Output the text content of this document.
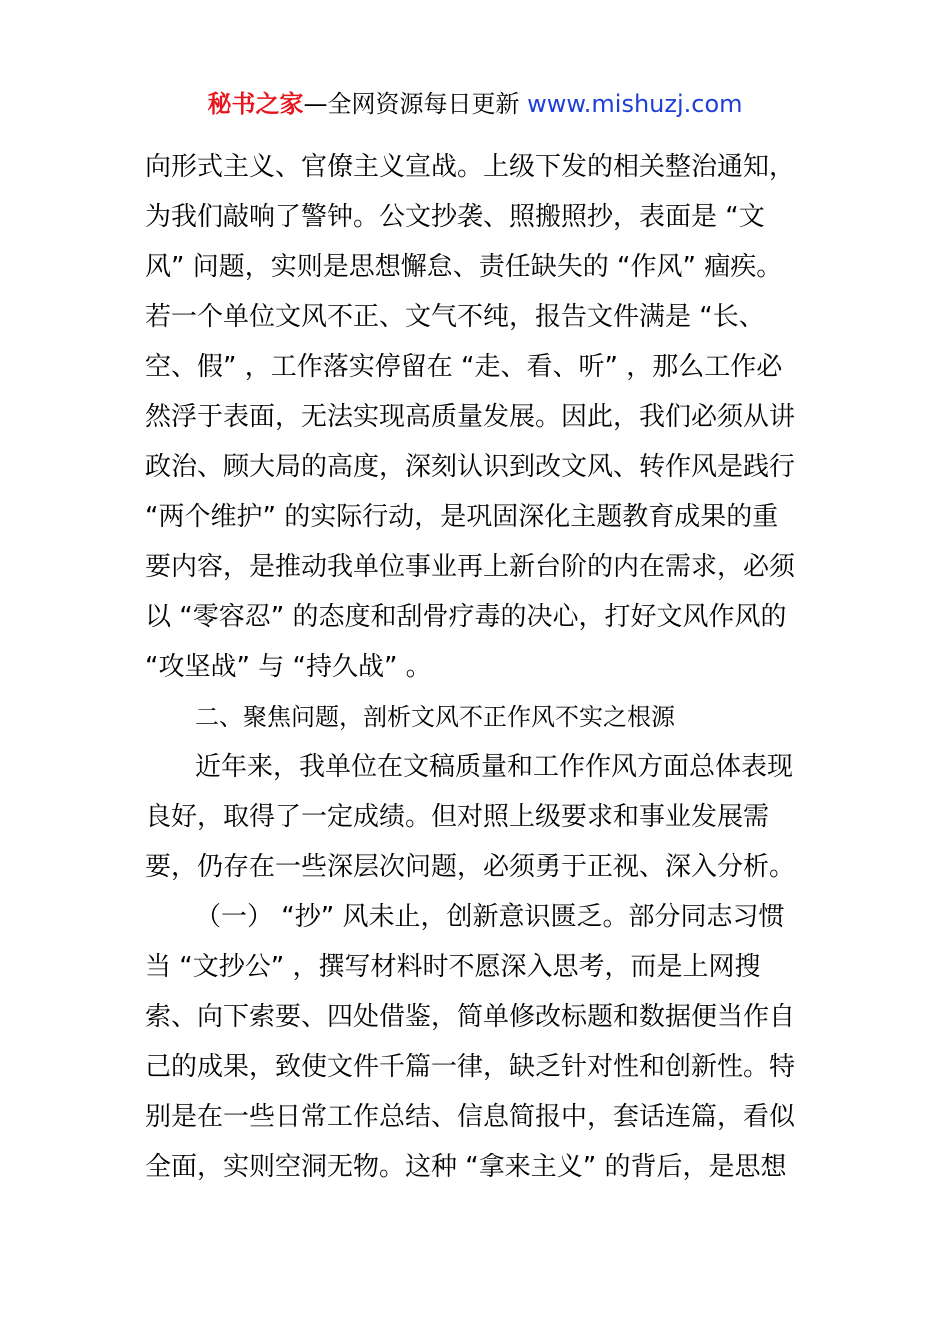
秘书之家—全网资源每日更新 www.mishuzj.com
向形式主义、官僚主义宣战。上级下发的相关整治通知，
为我们敲响了警钟。公文抄袭、照搬照抄，表面是 “文
风” 问题，实则是思想懈怠、责任缺失的 “作风” 痼疾。
若一个单位文风不正、文气不纯，报告文件满是 “长、
空、假” ，工作落实停留在 “走、看、听” ，那么工作必
然浮于表面，无法实现高质量发展。因此，我们必须从讲
政治、顾大局的高度，深刻认识到改文风、转作风是践行
“两个维护” 的实际行动，是巩固深化主题教育成果的重
要内容，是推动我单位事业再上新台阶的内在需求，必须
以 “零容忍” 的态度和刮骨疗毒的决心，打好文风作风的
“攻坚战” 与 “持久战” 。
二、聚焦问题，剖析文风不正作风不实之根源
近年来，我单位在文稿质量和工作作风方面总体表现
良好，取得了一定成绩。但对照上级要求和事业发展需
要，仍存在一些深层次问题，必须勇于正视、深入分析。
（一） “抄” 风未止，创新意识匮乏。部分同志习惯
当 “文抄公” ，撰写材料时不愿深入思考，而是上网搜
索、向下索要、四处借鉴，简单修改标题和数据便当作自
己的成果，致使文件千篇一律，缺乏针对性和创新性。特
别是在一些日常工作总结、信息简报中，套话连篇，看似
全面，实则空洞无物。这种 “拿来主义” 的背后，是思想
